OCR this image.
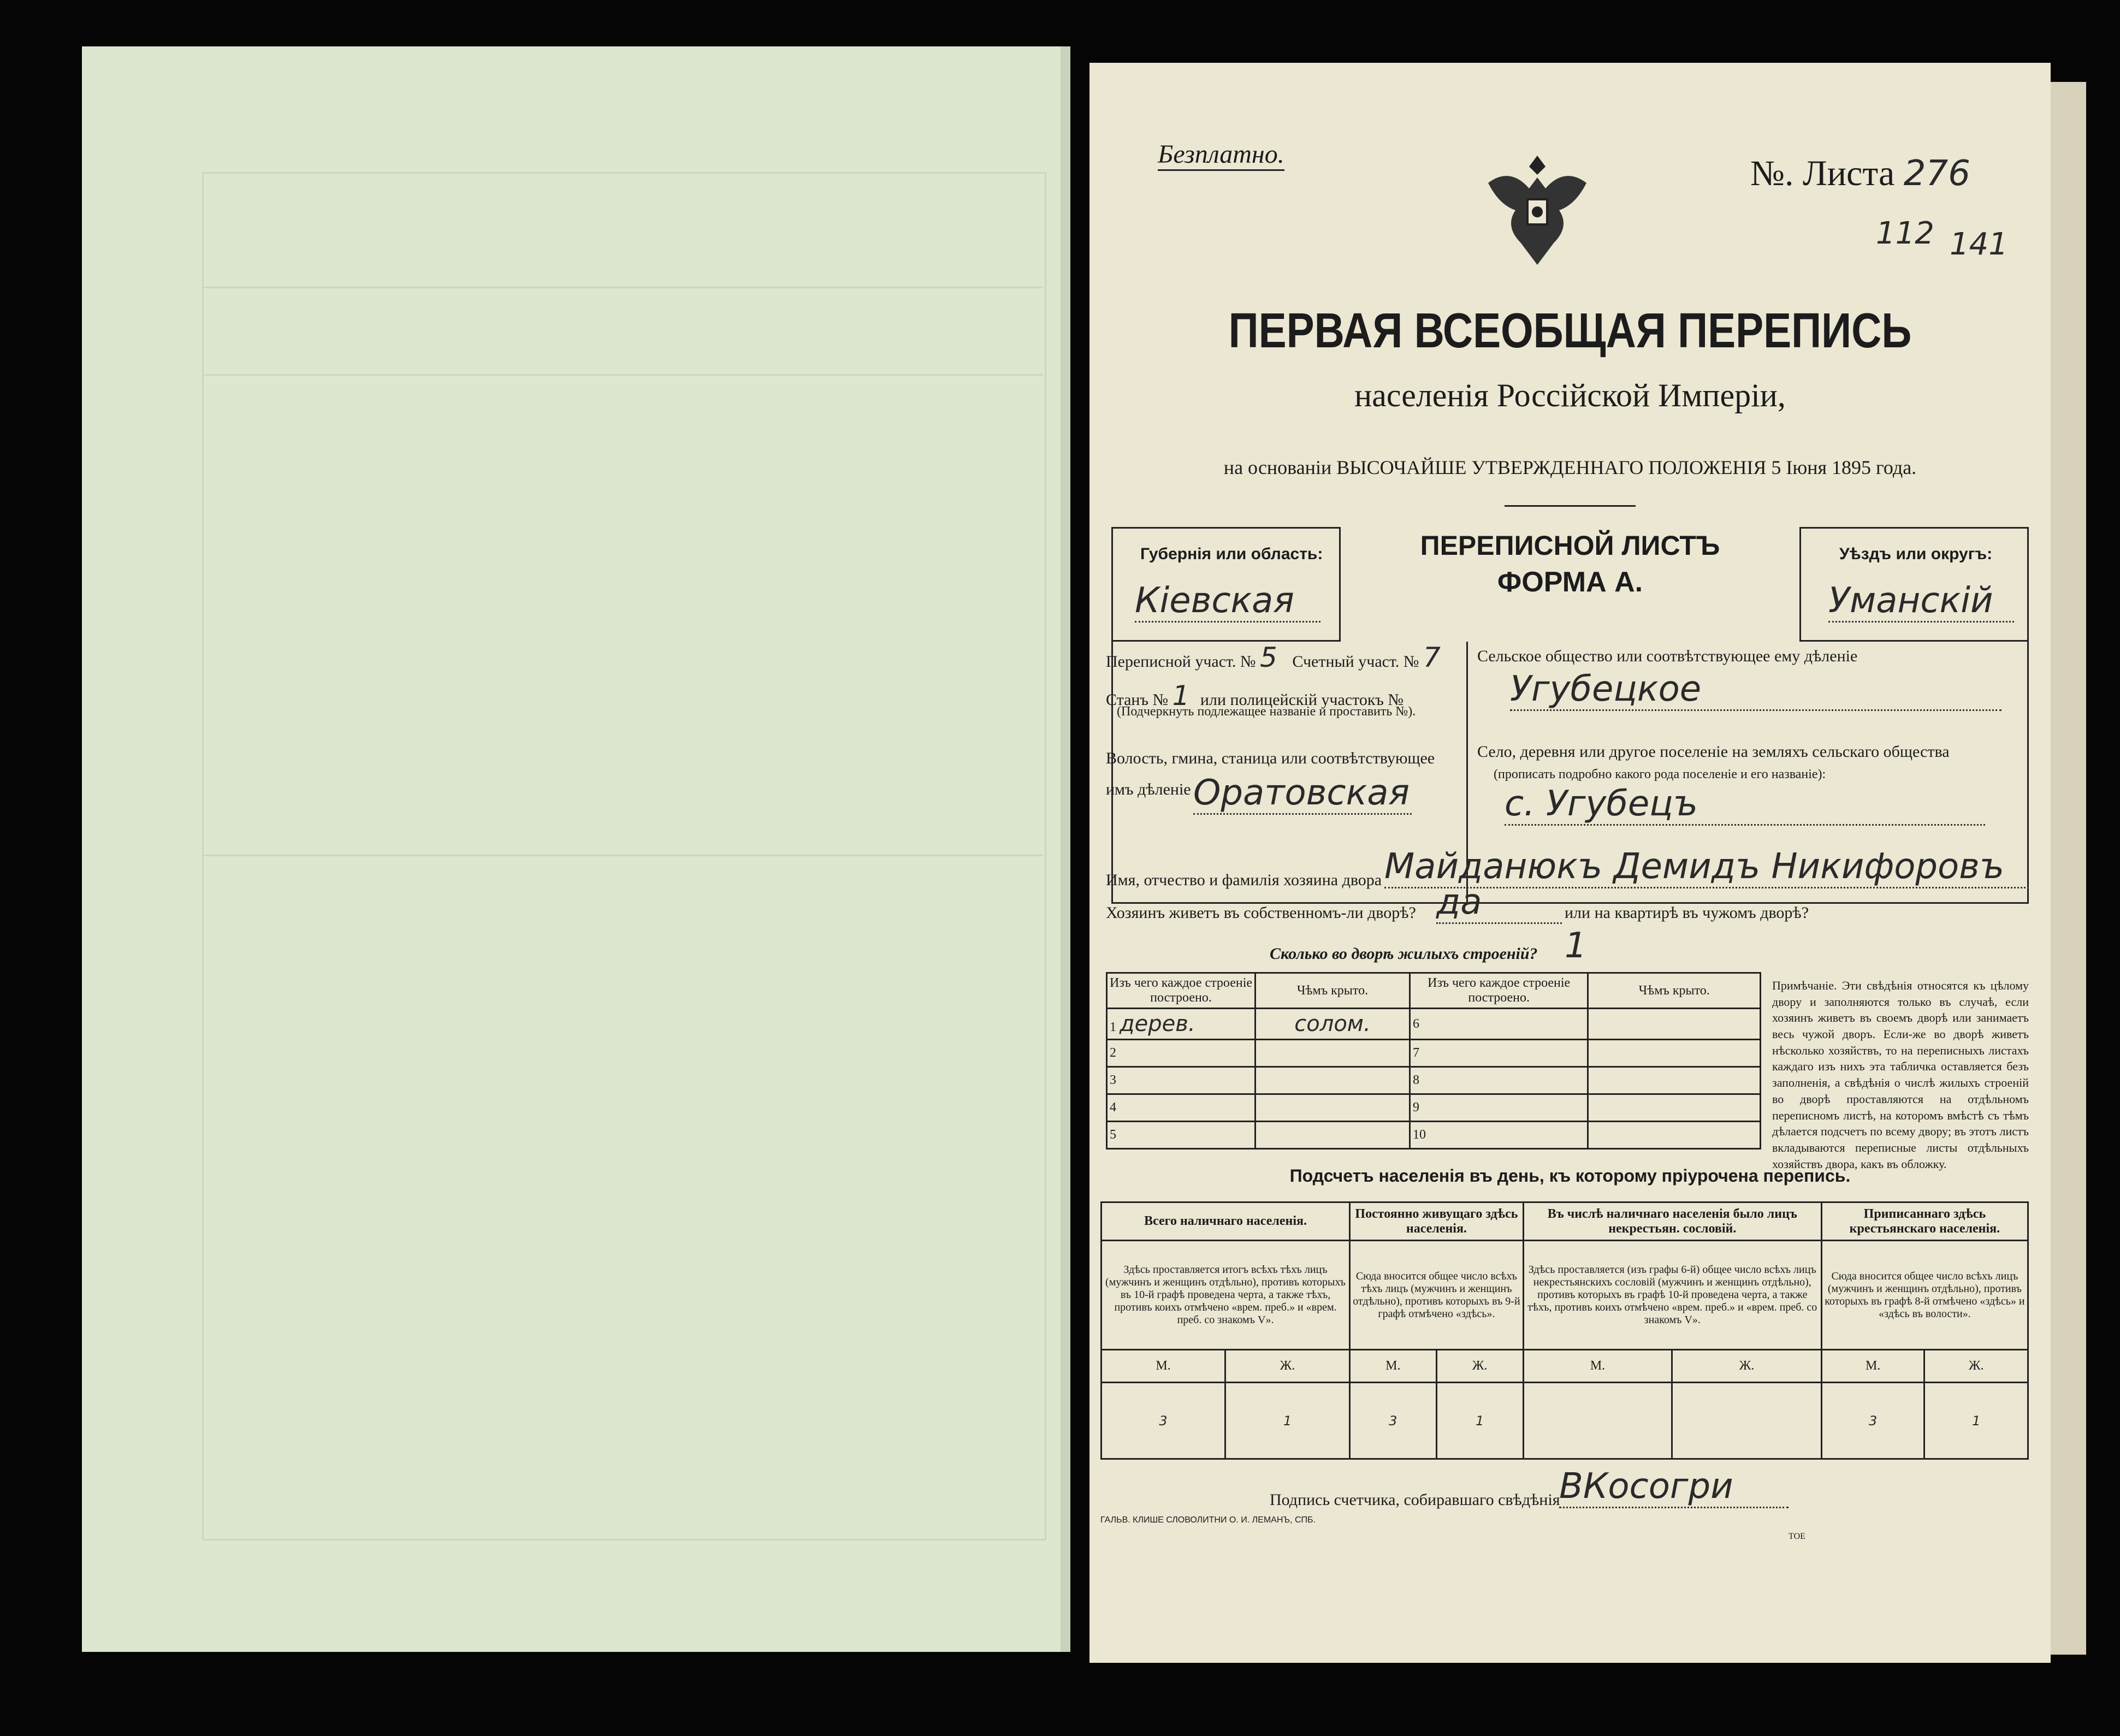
Безплатно.	№. Листа 276
112 141
ПЕРВАЯ ВСЕОБЩАЯ ПЕРЕПИСЬ
населенія Россійской Имперіи,
на основаніи ВЫСОЧАЙШЕ УТВЕРЖДЕННАГО ПОЛОЖЕНІЯ 5 Іюня 1895 года.
Губернія или область:
Кіевская
ПЕРЕПИСНОЙ ЛИСТЪ
ФОРМА А.
Уѣздъ или округъ:
Уманскій
Переписной участ. № 5 Счетный участ. № 7
Станъ № 1 или полицейскій участокъ №
(Подчеркнуть подлежащее названіе и проставить №).
Волость, гмина, станица или соотвѣтствующее имъ дѣленіе Оратовская
Сельское общество или соотвѣтствующее ему дѣленіе
Угубецкое
Село, деревня или другое поселеніе на земляхъ сельскаго общества
(прописать подробно какого рода поселеніе и его названіе):
с. Угубецъ
Имя, отчество и фамилія хозяина двора Майданюкъ Демидъ Никифоровъ
Хозяинъ живетъ въ собственномъ-ли дворѣ? да	или на квартирѣ въ чужомъ дворѣ?
Сколько во дворѣ жилыхъ строеній? 1
Изъ чего каждое строеніе построено.	Чѣмъ крыто.	Изъ чего каждое строеніе построено.	Чѣмъ крыто.
1 дерев.	солом.	6	
2		7	
3		8	
4		9	
5		10	
Примѣчаніе. Эти свѣдѣнія относятся къ цѣлому двору и заполняются только въ случаѣ, если хозяинъ живетъ въ своемъ дворѣ или занимаетъ весь чужой дворъ. Если-же во дворѣ живетъ нѣсколько хозяйствъ, то на переписныхъ листахъ каждаго изъ нихъ эта табличка оставляется безъ заполненія, а свѣдѣнія о числѣ жилыхъ строеній во дворѣ проставляются на отдѣльномъ переписномъ листѣ, на которомъ вмѣстѣ съ тѣмъ дѣлается подсчетъ по всему двору; въ этотъ листъ вкладываются переписные листы отдѣльныхъ хозяйствъ двора, какъ въ обложку.
Подсчетъ населенія въ день, къ которому пріурочена перепись.
Всего наличнаго населенія.		Постоянно живущаго здѣсь населенія.		Въ числѣ наличнаго населенія было лицъ некрестьян. сословій.		Приписаннаго здѣсь крестьянскаго населенія.	
Здѣсь проставляется итогъ всѣхъ тѣхъ лицъ (мужчинъ и женщинъ отдѣльно), противъ которыхъ въ 10-й графѣ проведена черта, а также тѣхъ, противъ коихъ отмѣчено «врем. преб.» и «врем. преб. со знакомъ V».		Сюда вносится общее число всѣхъ тѣхъ лицъ (мужчинъ и женщинъ отдѣльно), противъ которыхъ въ 9-й графѣ отмѣчено «здѣсь».		Здѣсь проставляется (изъ графы 6-й) общее число всѣхъ лицъ некрестьянскихъ сословій (мужчинъ и женщинъ отдѣльно), противъ которыхъ въ графѣ 10-й проведена черта, а также тѣхъ, противъ коихъ отмѣчено «врем. преб.» и «врем. преб. со знакомъ V».		Сюда вносится общее число всѣхъ лицъ (мужчинъ и женщинъ отдѣльно), противъ которыхъ въ графѣ 8-й отмѣчено «здѣсь» и «здѣсь въ волости».	
М.	Ж.	М.	Ж.	М.	Ж.	М.	Ж.
3	1	3	1			3	1
Подпись счетчика, собиравшаго свѣдѣнія
ВКосогри
ГАЛЬВ. КЛИШЕ СЛОВОЛИТНИ О. И. ЛЕМАНЪ, СПБ.
ТОЕ
